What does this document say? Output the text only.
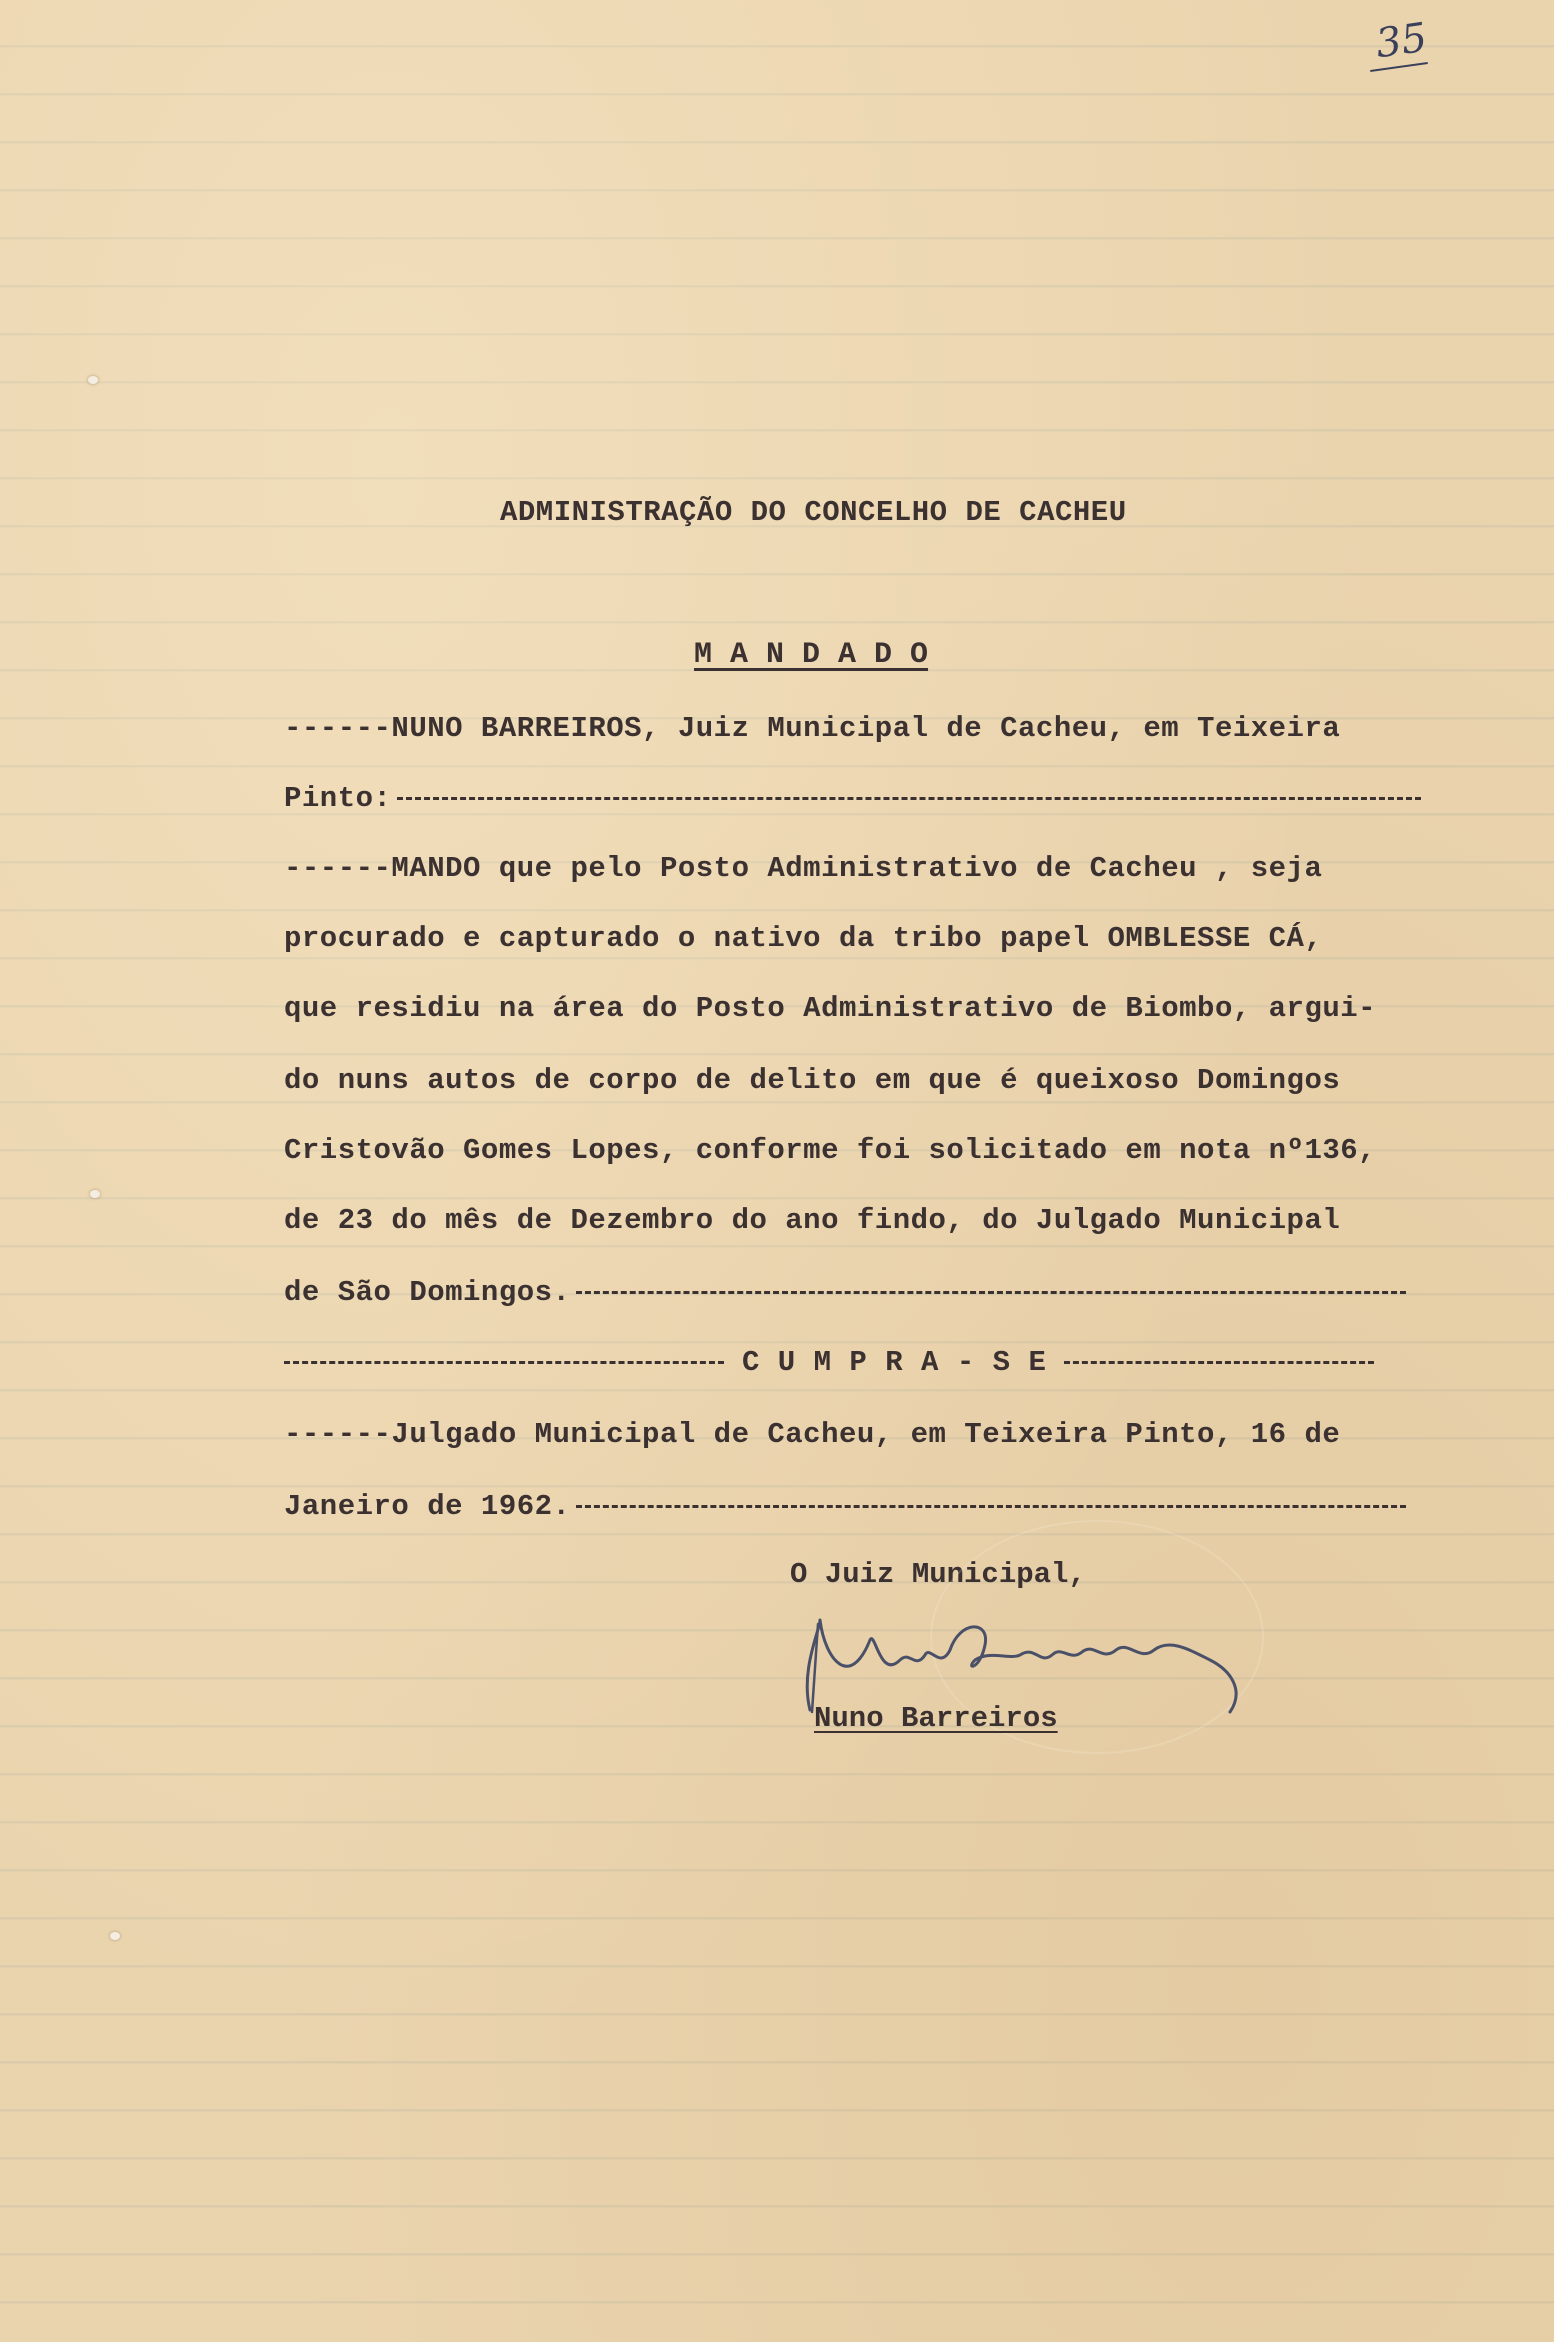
35
ADMINISTRAÇÃO DO CONCELHO DE CACHEU
M A N D A D O
------NUNO BARREIROS, Juiz Municipal de Cacheu, em Teixeira
Pinto:
------MANDO que pelo Posto Administrativo de Cacheu , seja
procurado e capturado o nativo da tribo papel OMBLESSE CÁ,
que residiu na área do Posto Administrativo de Biombo, argui-
do nuns autos de corpo de delito em que é queixoso Domingos
Cristovão Gomes Lopes, conforme foi solicitado em nota nº136,
de 23 do mês de Dezembro do ano findo, do Julgado Municipal
de São Domingos.
C U M P R A - S E
------Julgado Municipal de Cacheu, em Teixeira Pinto, 16 de
Janeiro de 1962.
O Juiz Municipal,
Nuno Barreiros
